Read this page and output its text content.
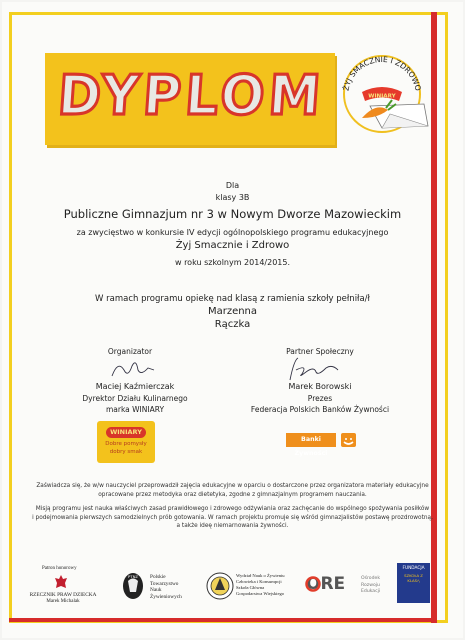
DYPLOM ŻYJ SMACZNIE I ZDROWO
WINIARY
Dla
klasy 3B
Publiczne Gimnazjum nr 3 w Nowym Dworze Mazowieckim
za zwycięstwo w konkursie IV edycji ogólnopolskiego programu edukacyjnego
Żyj Smacznie i Zdrowo
w roku szkolnym 2014/2015.
W ramach programu opiekę nad klasą z ramienia szkoły pełniła/ł
Marzenna
Rączka
Organizator
Maciej Kaźmierczak
Dyrektor Działu Kulinarnego
marka WINIARY
WINIARY
Dobre pomysły
dobry smak
Partner Społeczny
Marek Borowski
Prezes
Federacja Polskich Banków Żywności
Banki Żywności
Zaświadcza się, że w/w nauczyciel przeprowadził zajęcia edukacyjne w oparciu o dostarczone przez organizatora materiały edukacyjne
opracowane przez metodyka oraz dietetyka, zgodne z gimnazjalnym programem nauczania.
Misją programu jest nauka właściwych zasad prawidłowego i zdrowego odżywiania oraz zachęcanie do wspólnego spożywania posiłków
i podejmowania pierwszych samodzielnych prób gotowania. W ramach projektu promuje się wśród gimnazjalistów postawę prozdrowotną,
a także ideę niemarnowania żywności.
Patron honorowy
RZECZNIK PRAW DZIECKA
Marek Michalak
PTNŻ	Polskie
Towarzystwo
Nauk
Żywieniowych
Wydział Nauk o Żywieniu
Człowieka i Konsumpcji
Szkoła Główna
Gospodarstwa Wiejskiego ORE	Ośrodek
Rozwoju
Edukacji
FUNDACJA
SZKOŁA Z KLASĄ
